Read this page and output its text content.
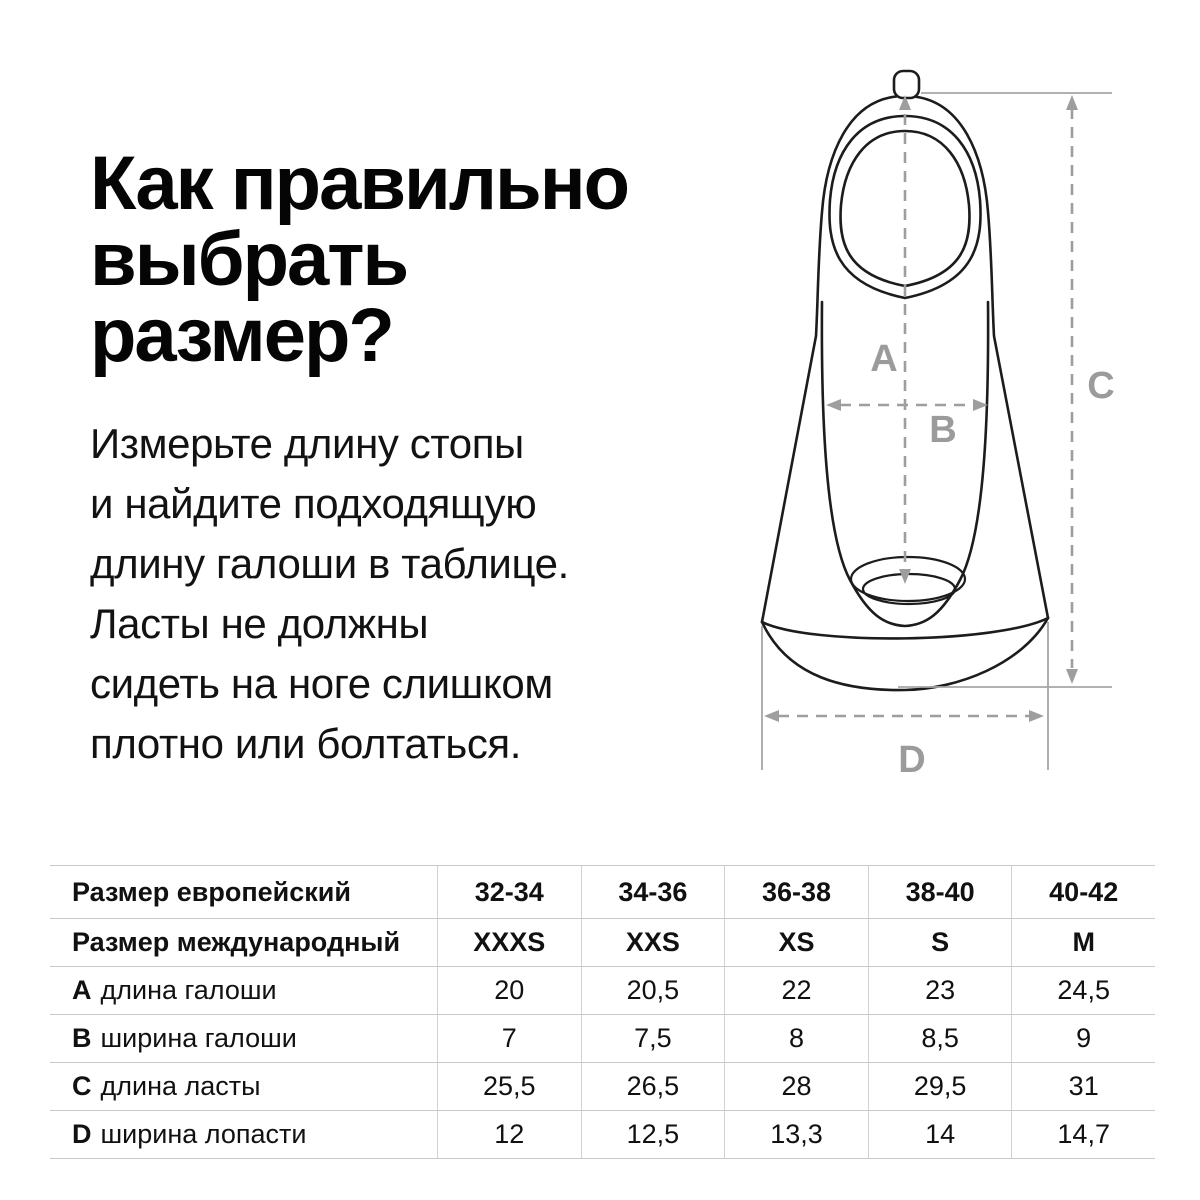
Как правильно
выбрать
размер?
Измерьте длину стопы
и найдите подходящую
длину галоши в таблице.
Ласты не должны
сидеть на ноге слишком
плотно или болтаться.
A
B
C
D
Размер европейский	32-34	34-36	36-38	38-40	40-42
Размер международный	XXXS	XXS	XS	S	M
A длина галоши	20	20,5	22	23	24,5
B ширина галоши	7	7,5	8	8,5	9
C длина ласты	25,5	26,5	28	29,5	31
D ширина лопасти	12	12,5	13,3	14	14,7
